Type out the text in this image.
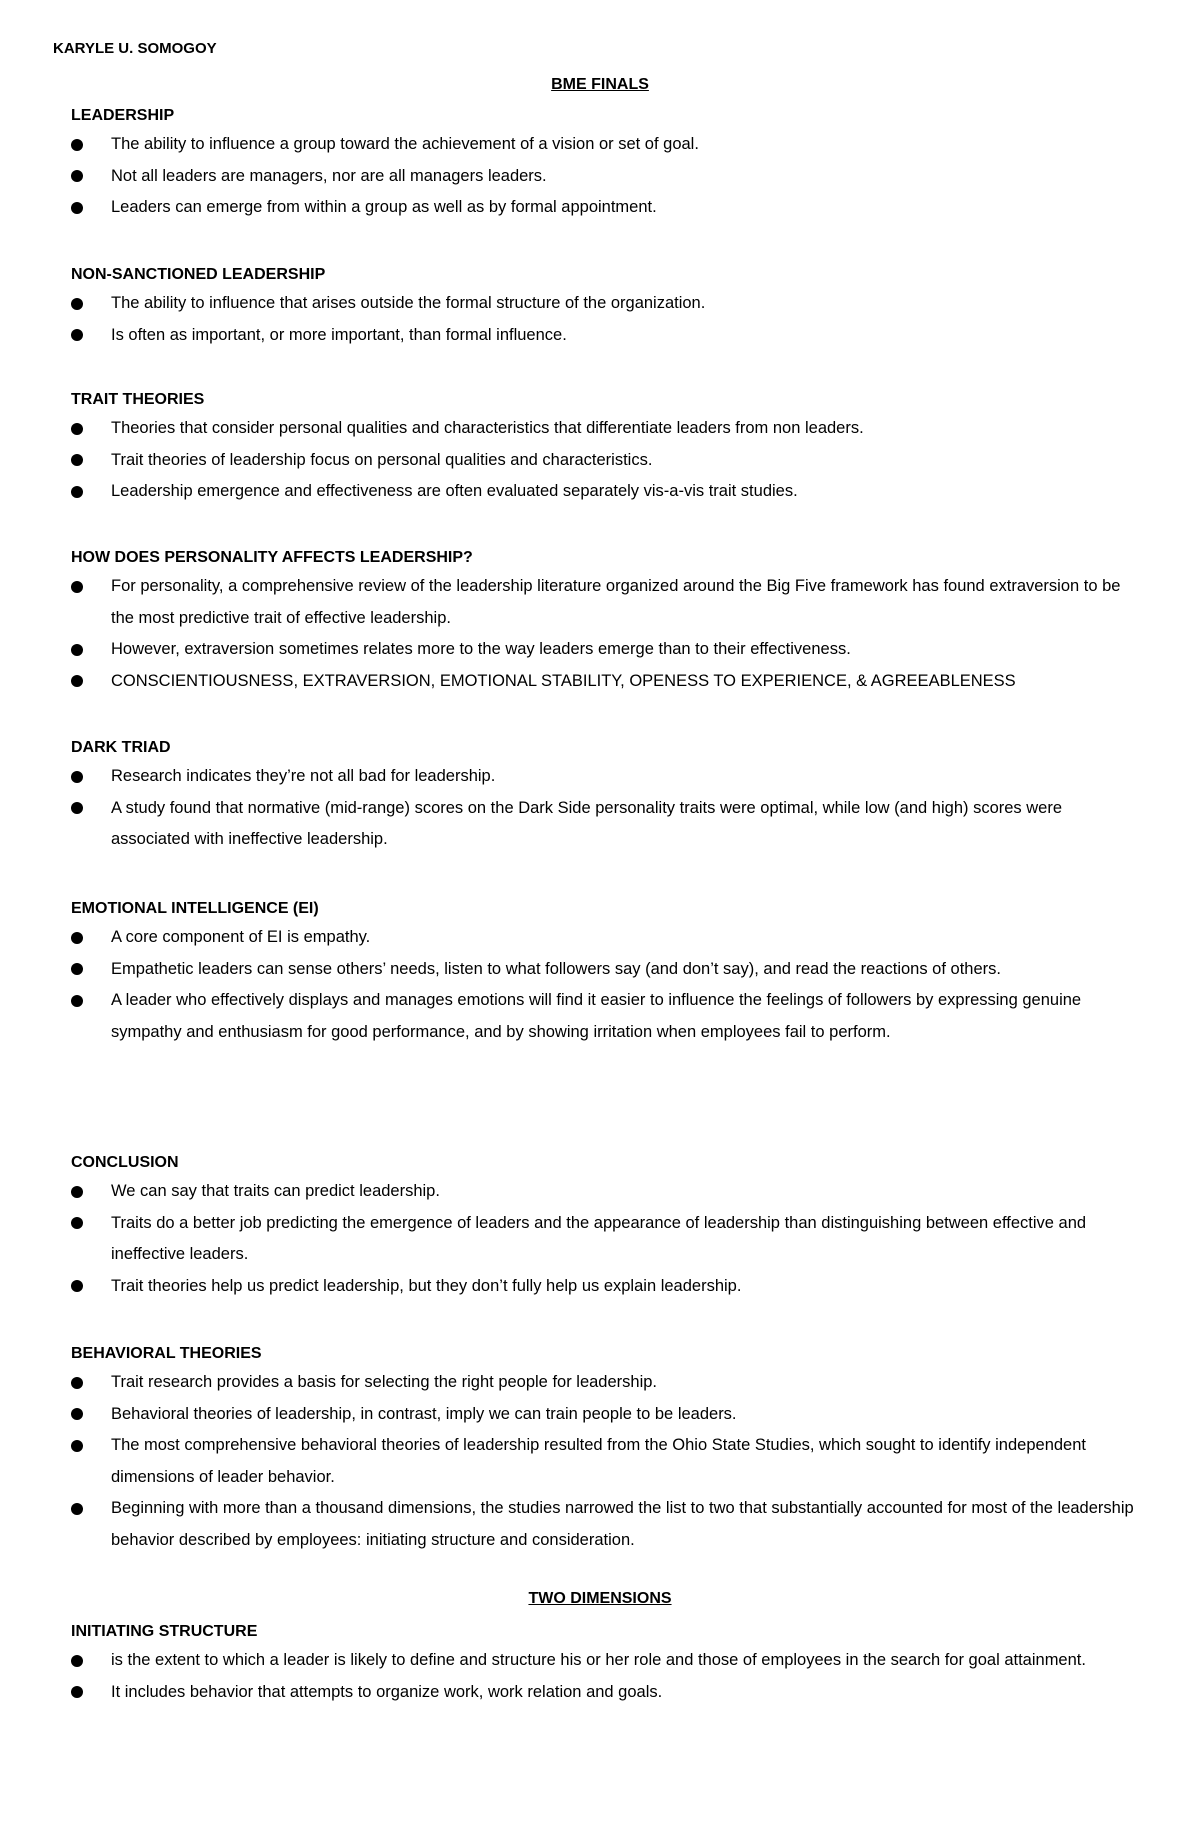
KARYLE U. SOMOGOY

BME FINALS

LEADERSHIP

The ability to influence a group toward the achievement of a vision or set of goal.
Not all leaders are managers, nor are all managers leaders.
Leaders can emerge from within a group as well as by formal appointment.

NON-SANCTIONED LEADERSHIP

The ability to influence that arises outside the formal structure of the organization.
Is often as important, or more important, than formal influence.

TRAIT THEORIES

Theories that consider personal qualities and characteristics that differentiate leaders from non leaders.
Trait theories of leadership focus on personal qualities and characteristics.
Leadership emergence and effectiveness are often evaluated separately vis-a-vis trait studies.

HOW DOES PERSONALITY AFFECTS LEADERSHIP?

For personality, a comprehensive review of the leadership literature organized around the Big Five framework has found extraversion to be the most predictive trait of effective leadership.
However, extraversion sometimes relates more to the way leaders emerge than to their effectiveness.
CONSCIENTIOUSNESS, EXTRAVERSION, EMOTIONAL STABILITY, OPENESS TO EXPERIENCE, & AGREEABLENESS

DARK TRIAD

Research indicates they’re not all bad for leadership.
A study found that normative (mid-range) scores on the Dark Side personality traits were optimal, while low (and high) scores were associated with ineffective leadership.

EMOTIONAL INTELLIGENCE (EI)

A core component of EI is empathy.
Empathetic leaders can sense others’ needs, listen to what followers say (and don’t say), and read the reactions of others.
A leader who effectively displays and manages emotions will find it easier to influence the feelings of followers by expressing genuine sympathy and enthusiasm for good performance, and by showing irritation when employees fail to perform.

CONCLUSION

We can say that traits can predict leadership.
Traits do a better job predicting the emergence of leaders and the appearance of leadership than distinguishing between effective and ineffective leaders.
Trait theories help us predict leadership, but they don’t fully help us explain leadership.

BEHAVIORAL THEORIES

Trait research provides a basis for selecting the right people for leadership.
Behavioral theories of leadership, in contrast, imply we can train people to be leaders.
The most comprehensive behavioral theories of leadership resulted from the Ohio State Studies, which sought to identify independent dimensions of leader behavior.
Beginning with more than a thousand dimensions, the studies narrowed the list to two that substantially accounted for most of the leadership behavior described by employees: initiating structure and consideration.

TWO DIMENSIONS

INITIATING STRUCTURE

is the extent to which a leader is likely to define and structure his or her role and those of employees in the search for goal attainment.
It includes behavior that attempts to organize work, work relation and goals.
